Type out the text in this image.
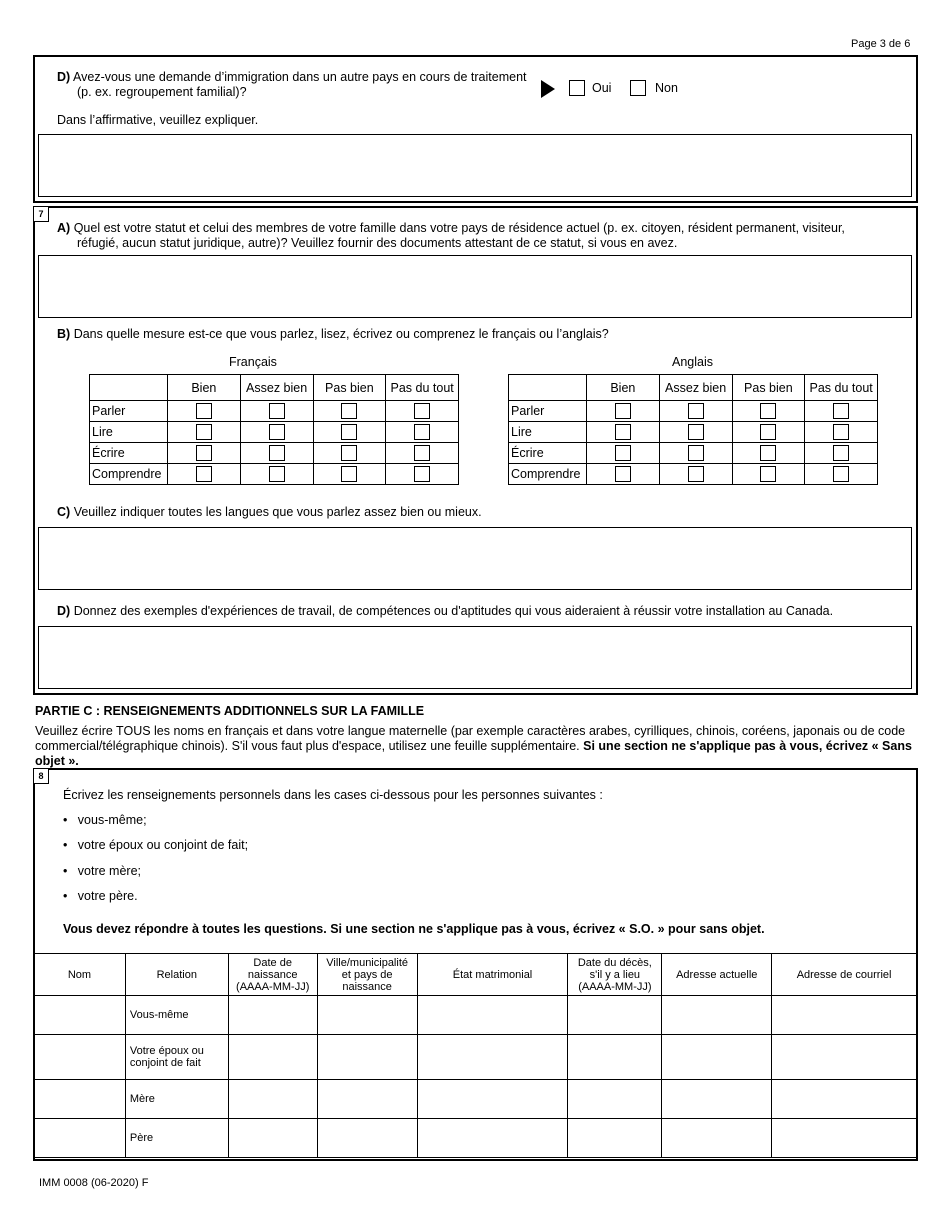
Page 3 de 6
D) Avez-vous une demande d’immigration dans un autre pays en cours de traitement
(p. ex. regroupement familial)?	Oui	Non
Dans l’affirmative, veuillez expliquer.
7
A) Quel est votre statut et celui des membres de votre famille dans votre pays de résidence actuel (p. ex. citoyen, résident permanent, visiteur,
réfugié, aucun statut juridique, autre)? Veuillez fournir des documents attestant de ce statut, si vous en avez.
B) Dans quelle mesure est-ce que vous parlez, lisez, écrivez ou comprenez le français ou l’anglais?
Français	Anglais
	Bien	Assez bien	Pas bien	Pas du tout
Parler	

Lire	

Écrire	

Comprendre	

	Bien	Assez bien	Pas bien	Pas du tout
Parler	

Lire	

Écrire	

Comprendre	

C) Veuillez indiquer toutes les langues que vous parlez assez bien ou mieux.
D) Donnez des exemples d'expériences de travail, de compétences ou d'aptitudes qui vous aideraient à réussir votre installation au Canada.
PARTIE C : RENSEIGNEMENTS ADDITIONNELS SUR LA FAMILLE
Veuillez écrire TOUS les noms en français et dans votre langue maternelle (par exemple caractères arabes, cyrilliques, chinois, coréens, japonais ou de code
commercial/télégraphique chinois). S'il vous faut plus d'espace, utilisez une feuille supplémentaire. Si une section ne s'applique pas à vous, écrivez « Sans
objet ».
8
Écrivez les renseignements personnels dans les cases ci-dessous pour les personnes suivantes :
•   vous-même;
•   votre époux ou conjoint de fait;
•   votre mère;
•   votre père.
Vous devez répondre à toutes les questions. Si une section ne s'applique pas à vous, écrivez « S.O. » pour sans objet.
Nom	Relation	Date de naissance (AAAA-MM-JJ)	Ville/municipalité et pays de naissance	État matrimonial	Date du décès, s'il y a lieu (AAAA-MM-JJ)	Adresse actuelle	Adresse de courriel
	Vous-même						
	Votre époux ou conjoint de fait						
	Mère						
	Père						
IMM 0008 (06-2020) F
